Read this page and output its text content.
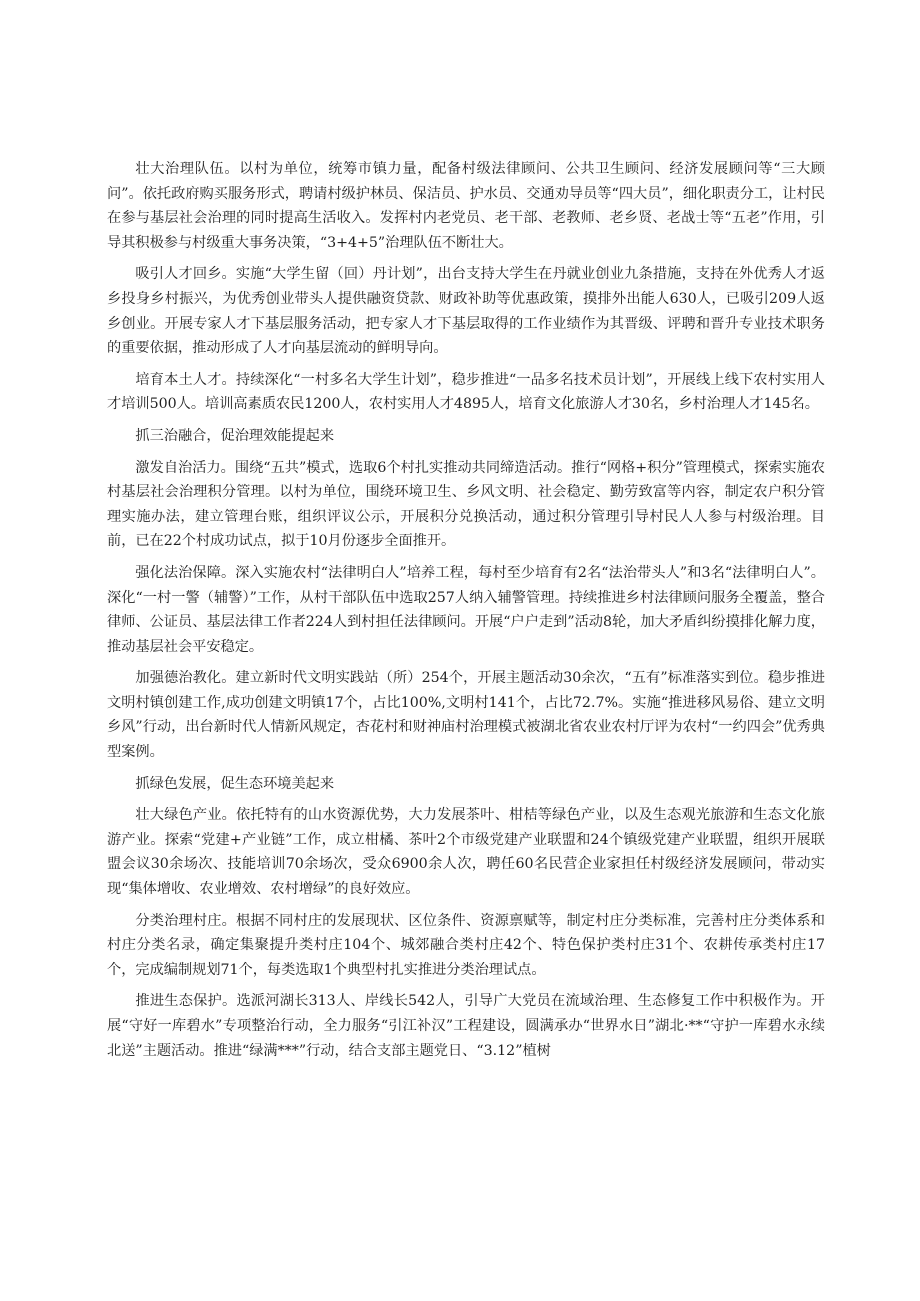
壮大治理队伍。以村为单位，统筹市镇力量，配备村级法律顾问、公共卫生顾问、经济发展顾问等“三大顾问”。依托政府购买服务形式，聘请村级护林员、保洁员、护水员、交通劝导员等“四大员”，细化职责分工，让村民在参与基层社会治理的同时提高生活收入。发挥村内老党员、老干部、老教师、老乡贤、老战士等“五老”作用，引导其积极参与村级重大事务决策，“3+4+5”治理队伍不断壮大。

吸引人才回乡。实施“大学生留（回）丹计划”，出台支持大学生在丹就业创业九条措施，支持在外优秀人才返乡投身乡村振兴，为优秀创业带头人提供融资贷款、财政补助等优惠政策，摸排外出能人630人，已吸引209人返乡创业。开展专家人才下基层服务活动，把专家人才下基层取得的工作业绩作为其晋级、评聘和晋升专业技术职务的重要依据，推动形成了人才向基层流动的鲜明导向。

培育本土人才。持续深化“一村多名大学生计划”，稳步推进“一品多名技术员计划”，开展线上线下农村实用人才培训500人。培训高素质农民1200人，农村实用人才4895人，培育文化旅游人才30名，乡村治理人才145名。

抓三治融合，促治理效能提起来

激发自治活力。围绕“五共”模式，选取6个村扎实推动共同缔造活动。推行“网格+积分”管理模式，探索实施农村基层社会治理积分管理。以村为单位，围绕环境卫生、乡风文明、社会稳定、勤劳致富等内容，制定农户积分管理实施办法，建立管理台账，组织评议公示，开展积分兑换活动，通过积分管理引导村民人人参与村级治理。目前，已在22个村成功试点，拟于10月份逐步全面推开。

强化法治保障。深入实施农村“法律明白人”培养工程，每村至少培育有2名“法治带头人”和3名“法律明白人”。深化“一村一警（辅警）”工作，从村干部队伍中选取257人纳入辅警管理。持续推进乡村法律顾问服务全覆盖，整合律师、公证员、基层法律工作者224人到村担任法律顾问。开展“户户走到”活动8轮，加大矛盾纠纷摸排化解力度，推动基层社会平安稳定。

加强德治教化。建立新时代文明实践站（所）254个，开展主题活动30余次，“五有”标准落实到位。稳步推进文明村镇创建工作,成功创建文明镇17个，占比100%,文明村141个，占比72.7%。实施“推进移风易俗、建立文明乡风”行动，出台新时代人情新风规定，杏花村和财神庙村治理模式被湖北省农业农村厅评为农村“一约四会”优秀典型案例。

抓绿色发展，促生态环境美起来

壮大绿色产业。依托特有的山水资源优势，大力发展茶叶、柑桔等绿色产业，以及生态观光旅游和生态文化旅游产业。探索“党建+产业链”工作，成立柑橘、茶叶2个市级党建产业联盟和24个镇级党建产业联盟，组织开展联盟会议30余场次、技能培训70余场次，受众6900余人次，聘任60名民营企业家担任村级经济发展顾问，带动实现“集体增收、农业增效、农村增绿”的良好效应。

分类治理村庄。根据不同村庄的发展现状、区位条件、资源禀赋等，制定村庄分类标准，完善村庄分类体系和村庄分类名录，确定集聚提升类村庄104个、城郊融合类村庄42个、特色保护类村庄31个、农耕传承类村庄17个，完成编制规划71个，每类选取1个典型村扎实推进分类治理试点。

推进生态保护。选派河湖长313人、岸线长542人，引导广大党员在流域治理、生态修复工作中积极作为。开展“守好一库碧水”专项整治行动，全力服务“引江补汉”工程建设，圆满承办“世界水日”湖北·**“守护一库碧水永续北送”主题活动。推进“绿满***”行动，结合支部主题党日、“3.12”植树
